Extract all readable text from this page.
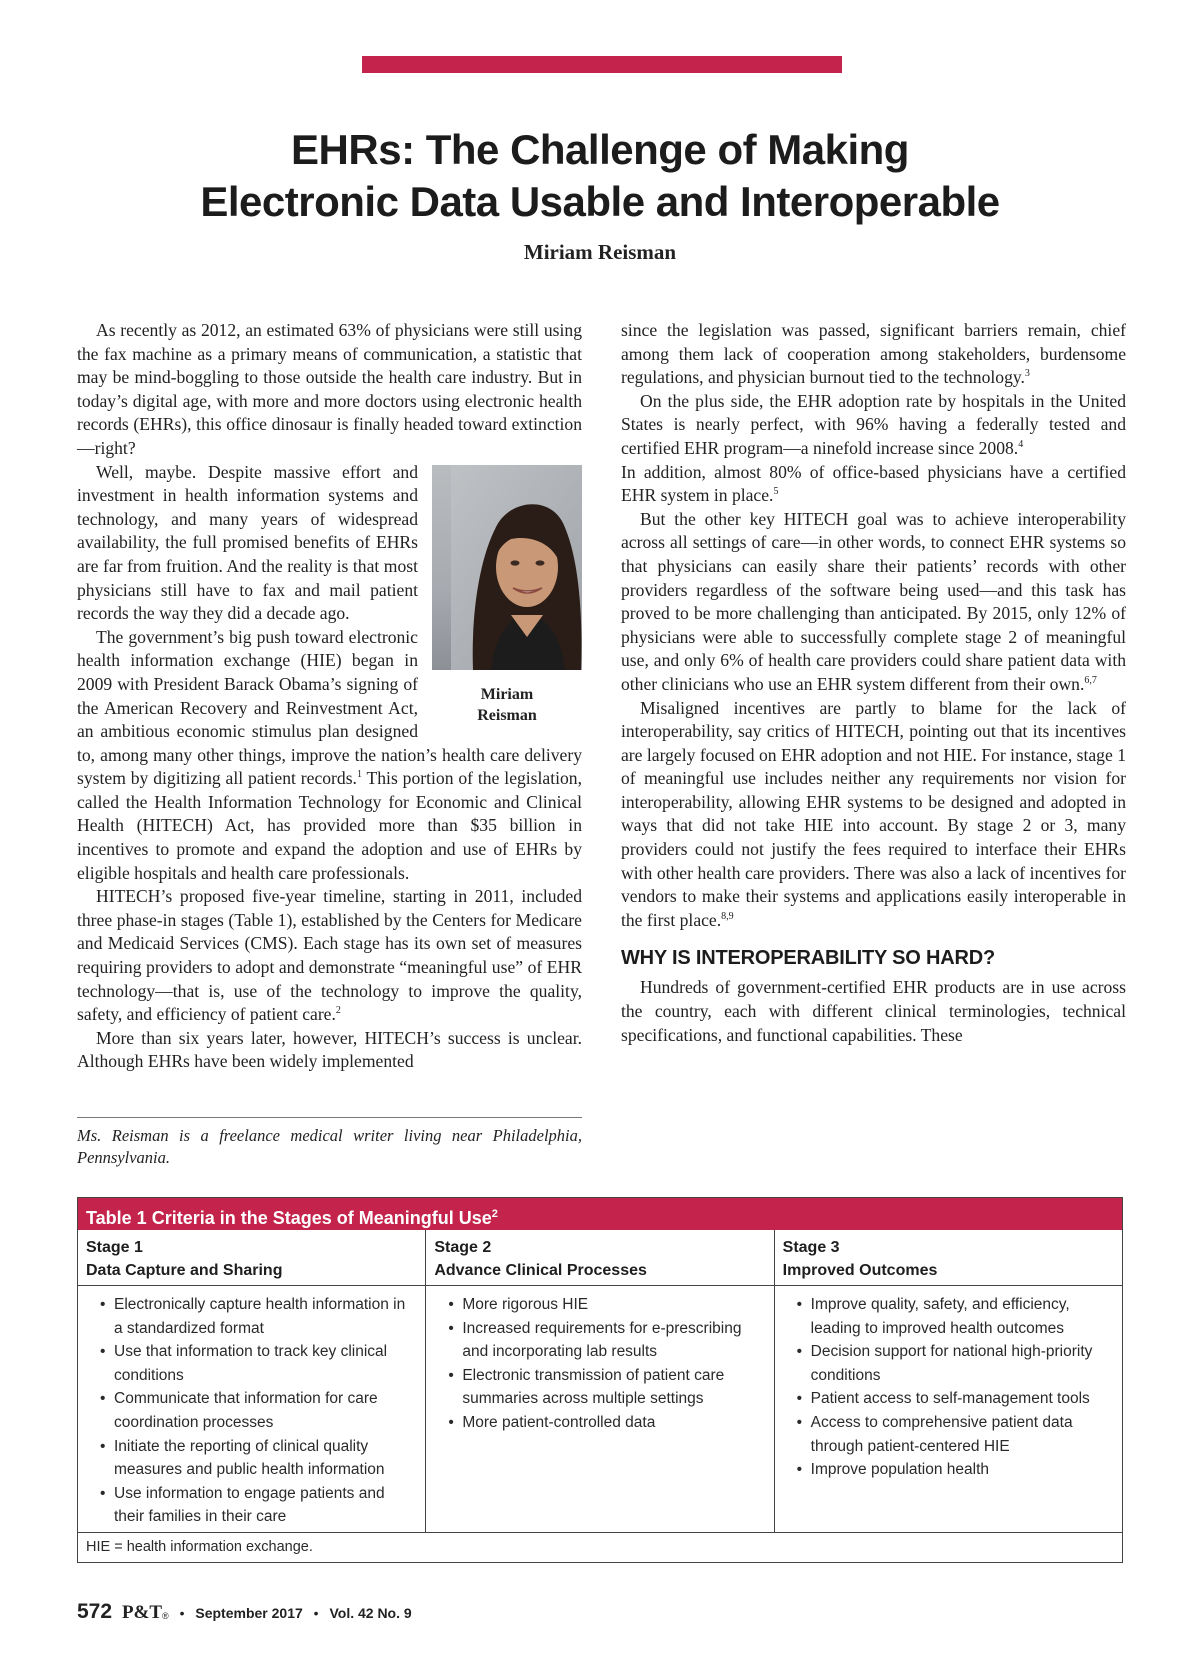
EHRs: The Challenge of Making
Electronic Data Usable and Interoperable
Miriam Reisman

As recently as 2012, an estimated 63% of physicians were still using the fax machine as a primary means of communication, a statistic that may be mind-boggling to those outside the health care industry. But in today’s digital age, with more and more doctors using electronic health records (EHRs), this office dinosaur is finally headed toward extinction—right?

Miriam
Reisman
Well, maybe. Despite massive effort and investment in health information systems and technology, and many years of widespread availability, the full promised benefits of EHRs are far from fruition. And the reality is that most physicians still have to fax and mail patient records the way they did a decade ago.

The government’s big push toward electronic health information exchange (HIE) began in 2009 with President Barack Obama’s signing of the American Recovery and Reinvestment Act, an ambitious economic stimulus plan designed to, among many other things, improve the nation’s health care delivery system by digitizing all patient records.$^1$ This portion of the legislation, called the Health Information Technology for Economic and Clinical Health (HITECH) Act, has provided more than $35 billion in incentives to promote and expand the adoption and use of EHRs by eligible hospitals and health care professionals.

HITECH’s proposed five-year timeline, starting in 2011, included three phase-in stages (Table 1), established by the Centers for Medicare and Medicaid Services (CMS). Each stage has its own set of measures requiring providers to adopt and demonstrate “meaningful use” of EHR technology—that is, use of the technology to improve the quality, safety, and efficiency of patient care.$^2$

More than six years later, however, HITECH’s success is unclear. Although EHRs have been widely implemented

Ms. Reisman is a freelance medical writer living near Philadelphia, Pennsylvania.

since the legislation was passed, significant barriers remain, chief among them lack of cooperation among stakeholders, burdensome regulations, and physician burnout tied to the technology.$^3$

On the plus side, the EHR adoption rate by hospitals in the United States is nearly perfect, with 96% having a federally tested and certified EHR program—a ninefold increase since 2008.$^4$

In addition, almost 80% of office-based physicians have a certified EHR system in place.$^5$

But the other key HITECH goal was to achieve interoperability across all settings of care—in other words, to connect EHR systems so that physicians can easily share their patients’ records with other providers regardless of the software being used—and this task has proved to be more challenging than anticipated. By 2015, only 12% of physicians were able to successfully complete stage 2 of meaningful use, and only 6% of health care providers could share patient data with other clinicians who use an EHR system different from their own.$^{6,7}$

Misaligned incentives are partly to blame for the lack of interoperability, say critics of HITECH, pointing out that its incentives are largely focused on EHR adoption and not HIE. For instance, stage 1 of meaningful use includes neither any requirements nor vision for interoperability, allowing EHR systems to be designed and adopted in ways that did not take HIE into account. By stage 2 or 3, many providers could not justify the fees required to interface their EHRs with other health care providers. There was also a lack of incentives for vendors to make their systems and applications easily interoperable in the first place.$^{8,9}$

WHY IS INTEROPERABILITY SO HARD?

Hundreds of government-certified EHR products are in use across the country, each with different clinical terminologies, technical specifications, and functional capabilities. These

Table 1 Criteria in the Stages of Meaningful Use$^2$
Stage 1
Data Capture and Sharing
• Electronically capture health information in a standardized format
• Use that information to track key clinical conditions
• Communicate that information for care coordination processes
• Initiate the reporting of clinical quality measures and public health information
• Use information to engage patients and their families in their care
Stage 2
Advance Clinical Processes
• More rigorous HIE
• Increased requirements for e-prescribing and incorporating lab results
• Electronic transmission of patient care summaries across multiple settings
• More patient-controlled data
Stage 3
Improved Outcomes
• Improve quality, safety, and efficiency, leading to improved health outcomes
• Decision support for national high-priority conditions
• Patient access to self-management tools
• Access to comprehensive patient data through patient-centered HIE
• Improve population health
HIE = health information exchange.
572 P&T® • September 2017 • Vol. 42 No. 9
